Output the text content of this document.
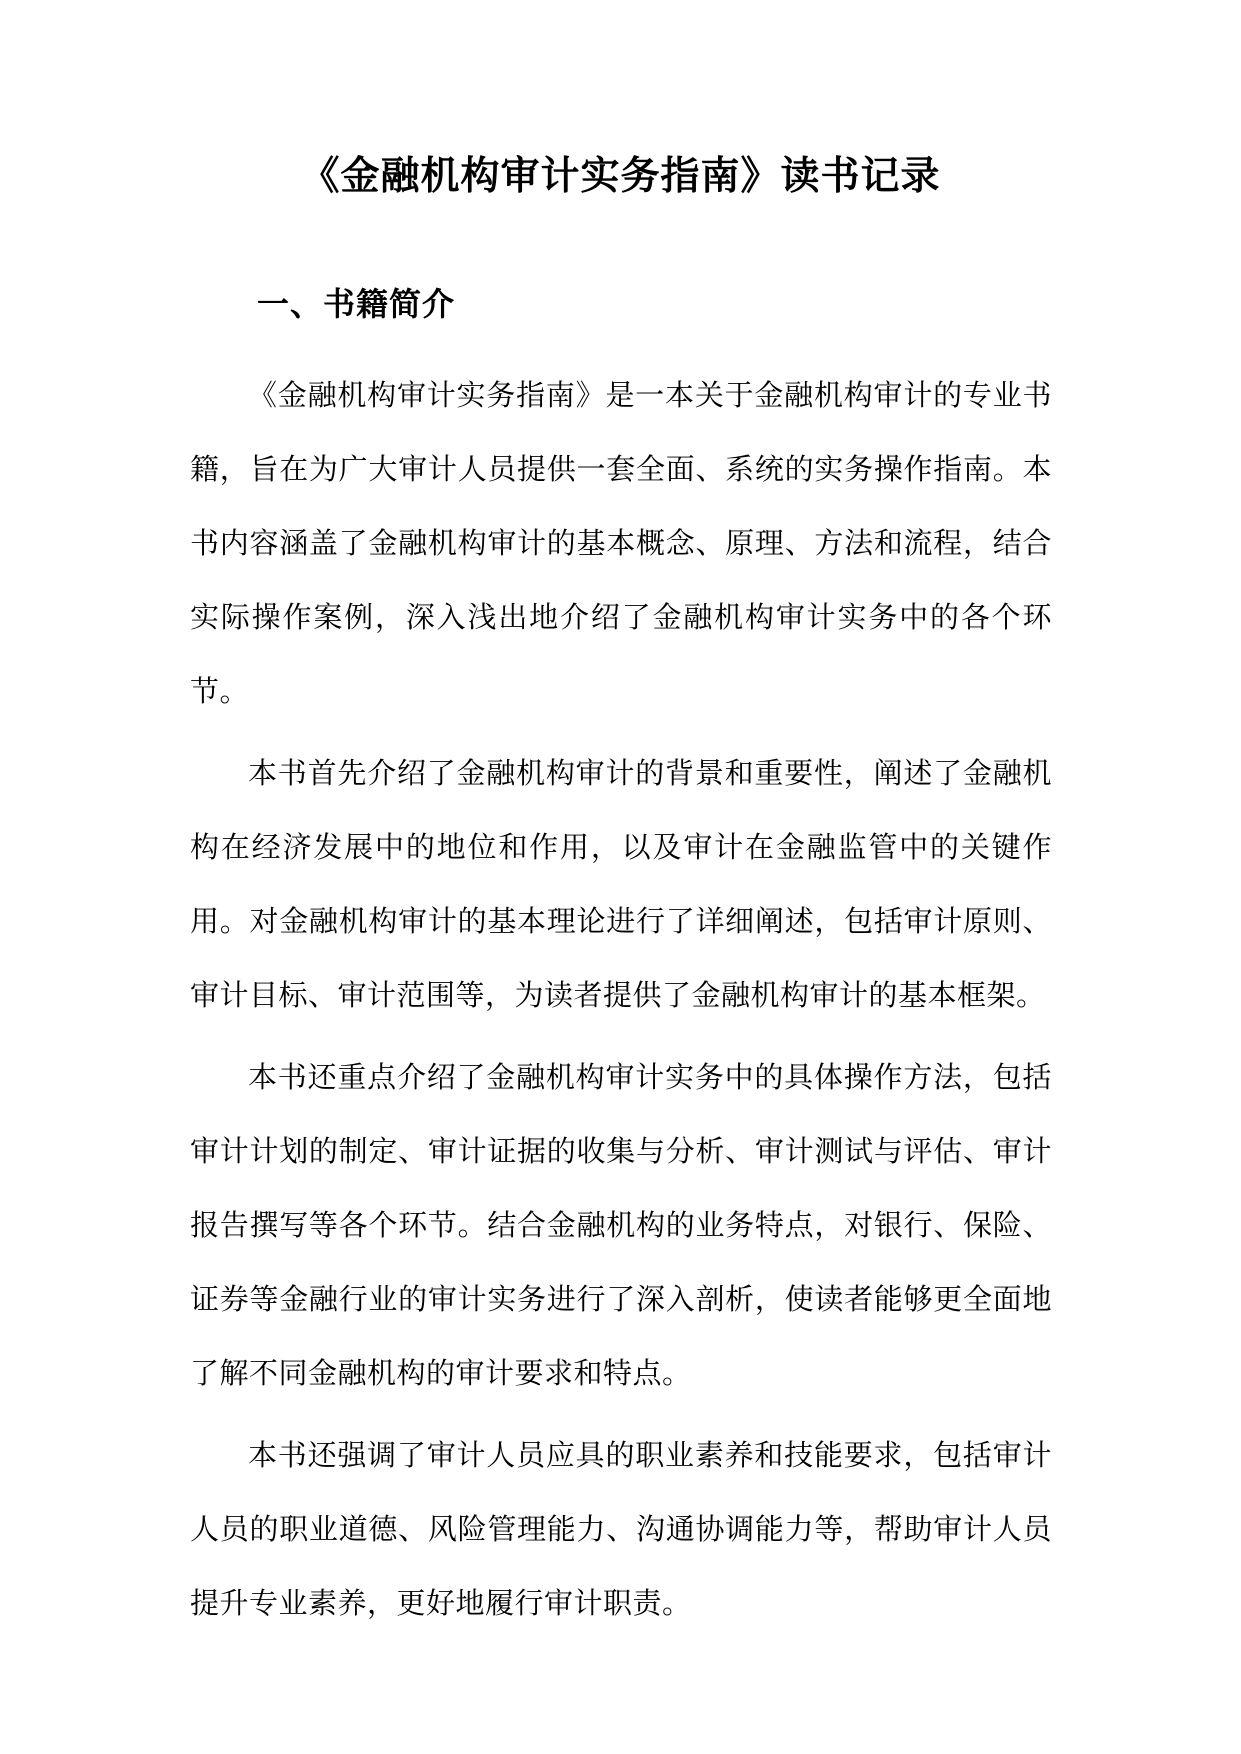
《金融机构审计实务指南》读书记录
一、书籍简介

《金融机构审计实务指南》是一本关于金融机构审计的专业书籍，旨在为广大审计人员提供一套全面、系统的实务操作指南。本书内容涵盖了金融机构审计的基本概念、原理、方法和流程，结合实际操作案例，深入浅出地介绍了金融机构审计实务中的各个环节。

本书首先介绍了金融机构审计的背景和重要性，阐述了金融机构在经济发展中的地位和作用，以及审计在金融监管中的关键作用。对金融机构审计的基本理论进行了详细阐述，包括审计原则、审计目标、审计范围等，为读者提供了金融机构审计的基本框架。

本书还重点介绍了金融机构审计实务中的具体操作方法，包括审计计划的制定、审计证据的收集与分析、审计测试与评估、审计报告撰写等各个环节。结合金融机构的业务特点，对银行、保险、证券等金融行业的审计实务进行了深入剖析，使读者能够更全面地了解不同金融机构的审计要求和特点。

本书还强调了审计人员应具的职业素养和技能要求，包括审计人员的职业道德、风险管理能力、沟通协调能力等，帮助审计人员提升专业素养，更好地履行审计职责。
